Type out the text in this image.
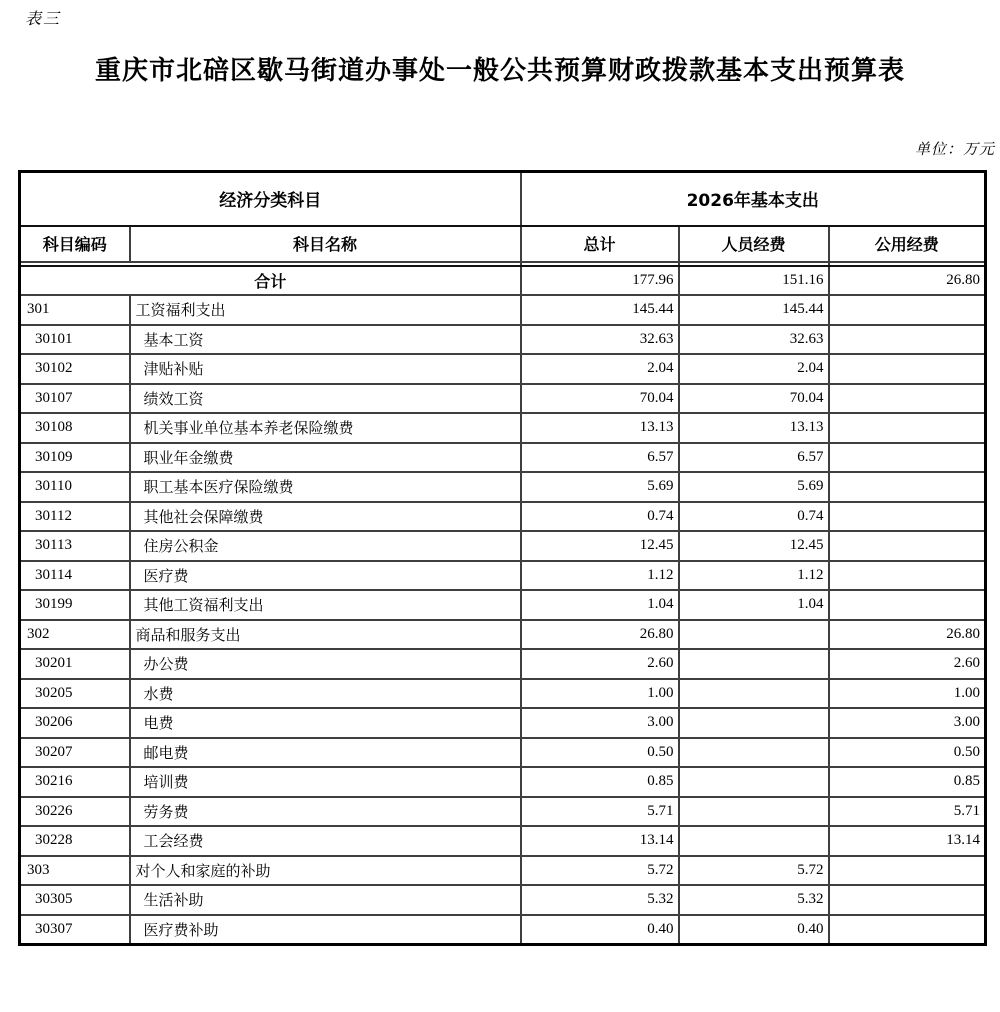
表三
重庆市北碚区歇马街道办事处一般公共预算财政拨款基本支出预算表
单位：万元
经济分类科目		2026年基本支出		
科目编码	科目名称	总计	人员经费	公用经费

合计		177.96	151.16	26.80
301	工资福利支出	145.44	145.44	
30101	基本工资	32.63	32.63	
30102	津贴补贴	2.04	2.04	
30107	绩效工资	70.04	70.04	
30108	机关事业单位基本养老保险缴费	13.13	13.13	
30109	职业年金缴费	6.57	6.57	
30110	职工基本医疗保险缴费	5.69	5.69	
30112	其他社会保障缴费	0.74	0.74	
30113	住房公积金	12.45	12.45	
30114	医疗费	1.12	1.12	
30199	其他工资福利支出	1.04	1.04	
302	商品和服务支出	26.80		26.80
30201	办公费	2.60		2.60
30205	水费	1.00		1.00
30206	电费	3.00		3.00
30207	邮电费	0.50		0.50
30216	培训费	0.85		0.85
30226	劳务费	5.71		5.71
30228	工会经费	13.14		13.14
303	对个人和家庭的补助	5.72	5.72	
30305	生活补助	5.32	5.32	
30307	医疗费补助	0.40	0.40	
